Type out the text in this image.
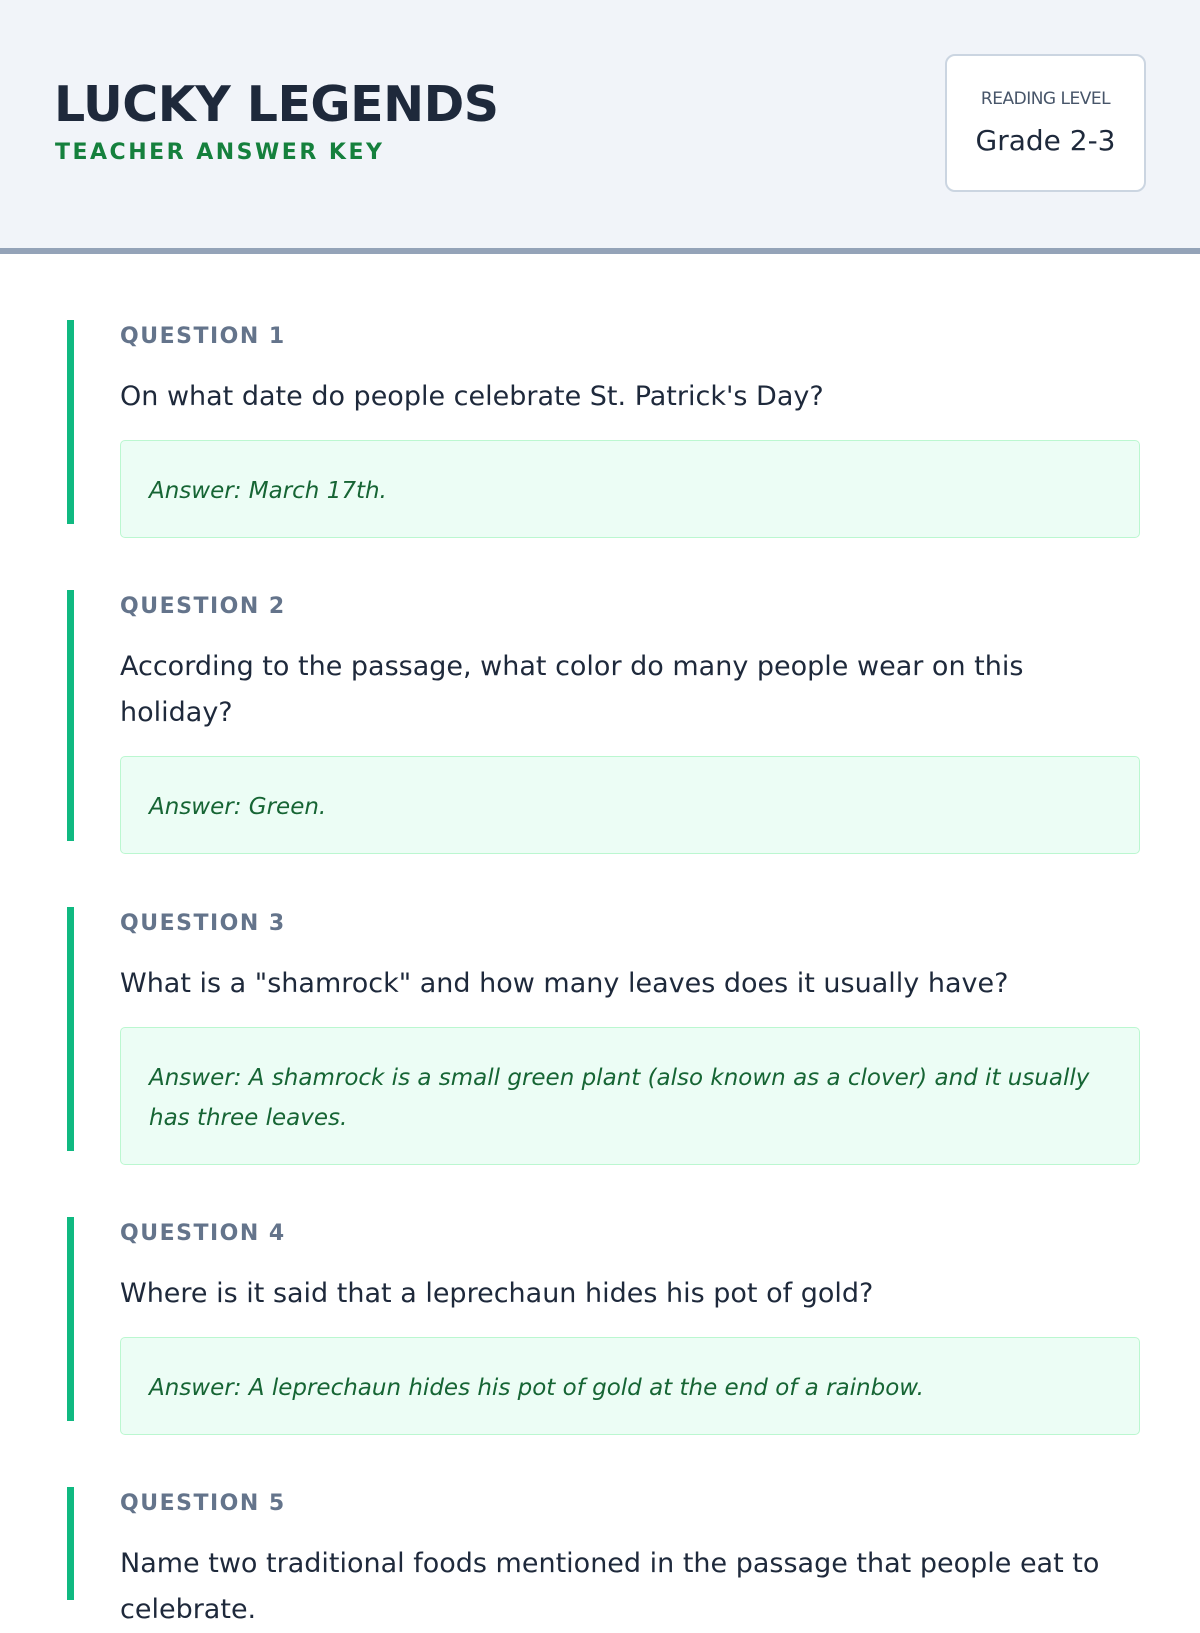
LUCKY LEGENDS
TEACHER ANSWER KEY
READING LEVEL
Grade 2-3
QUESTION 1
On what date do people celebrate St. Patrick's Day?
Answer: March 17th.
QUESTION 2
According to the passage, what color do many people wear on this holiday?
Answer: Green.
QUESTION 3
What is a "shamrock" and how many leaves does it usually have?
Answer: A shamrock is a small green plant (also known as a clover) and it usually has three leaves.
QUESTION 4
Where is it said that a leprechaun hides his pot of gold?
Answer: A leprechaun hides his pot of gold at the end of a rainbow.
QUESTION 5
Name two traditional foods mentioned in the passage that people eat to celebrate.
